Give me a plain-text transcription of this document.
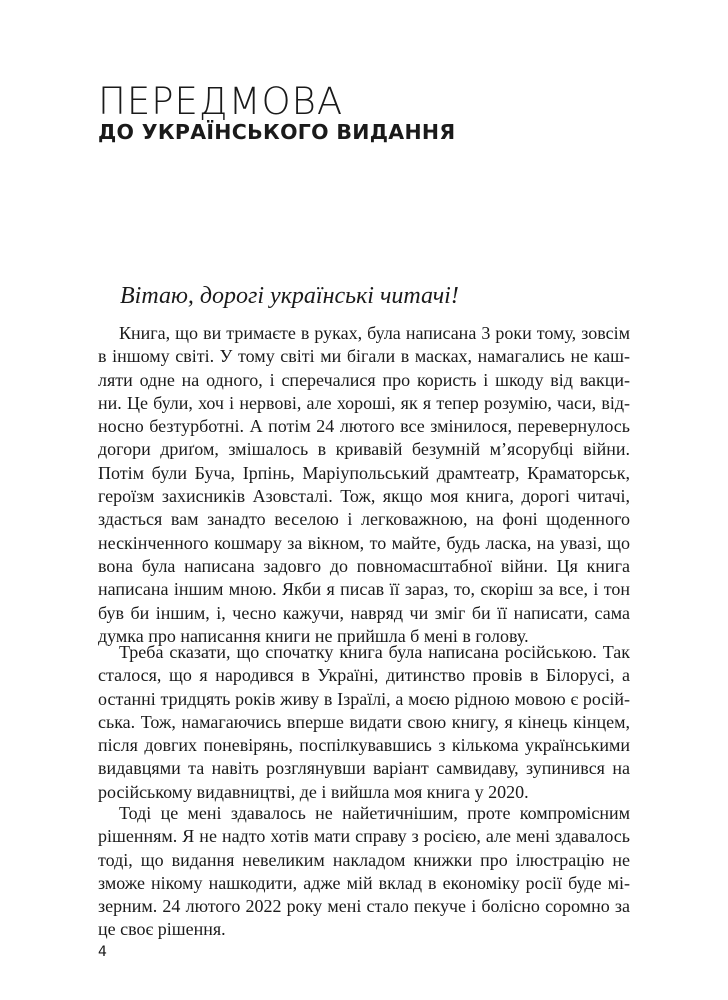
ПЕРЕДМОВА
ДО УКРАЇНСЬКОГО ВИДАННЯ

Вітаю, дорогі українські читачі!

Книга, що ви тримаєте в руках, була написана 3 роки тому, зовсім
в іншому світі. У тому світі ми бігали в масках, намагались не каш-
ляти одне на одного, і сперечалися про користь і шкоду від вакци-
ни. Це були, хоч і нервові, але хороші, як я тепер розумію, часи, від-
носно безтурботні. А потім 24 лютого все змінилося, перевернулось
догори дриґом, змішалось в кривавій безумній м’ясорубці війни.
Потім були Буча, Ірпінь, Маріупольський драмтеатр, Краматорськ,
героїзм захисників Азовсталі. Тож, якщо моя книга, дорогі читачі,
здасться вам занадто веселою і легковажною, на фоні щоденного
нескінченного кошмару за вікном, то майте, будь ласка, на увазі, що
вона була написана задовго до повномасштабної війни. Ця книга
написана іншим мною. Якби я писав її зараз, то, скоріш за все, і тон
був би іншим, і, чесно кажучи, навряд чи зміг би її написати, сама
думка про написання книги не прийшла б мені в голову.
Треба сказати, що спочатку книга була написана російською. Так
сталося, що я народився в Україні, дитинство провів в Білорусі, а
останні тридцять років живу в Ізраїлі, а моєю рідною мовою є росій-
ська. Тож, намагаючись вперше видати свою книгу, я кінець кінцем,
після довгих поневірянь, поспілкувавшись з кількома українськими
видавцями та навіть розглянувши варіант самвидаву, зупинився на
російському видавництві, де і вийшла моя книга у 2020.
Тоді це мені здавалось не найетичнішим, проте компромісним
рішенням. Я не надто хотів мати справу з росією, але мені здавалось
тоді, що видання невеликим накладом книжки про ілюстрацію не
зможе нікому нашкодити, адже мій вклад в економіку росії буде мі-
зерним. 24 лютого 2022 року мені стало пекуче і болісно соромно за
це своє рішення.
4
